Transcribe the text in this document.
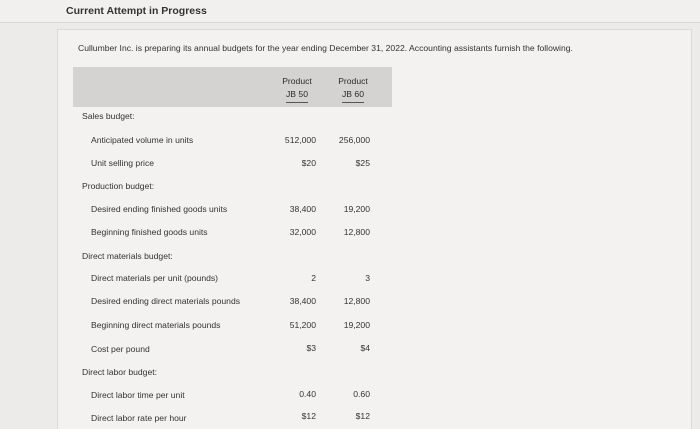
Current Attempt in Progress
Cullumber Inc. is preparing its annual budgets for the year ending December 31, 2022. Accounting assistants furnish the following.
Product
JB 50
Product
JB 60
Sales budget:
Anticipated volume in units	512,000	256,000
Unit selling price	$20	$25
Production budget:
Desired ending finished goods units	38,400	19,200
Beginning finished goods units	32,000	12,800
Direct materials budget:
Direct materials per unit (pounds)	2	3
Desired ending direct materials pounds	38,400	12,800
Beginning direct materials pounds	51,200	19,200
Cost per pound	$3	$4
Direct labor budget:
Direct labor time per unit	0.40	0.60
Direct labor rate per hour	$12	$12
